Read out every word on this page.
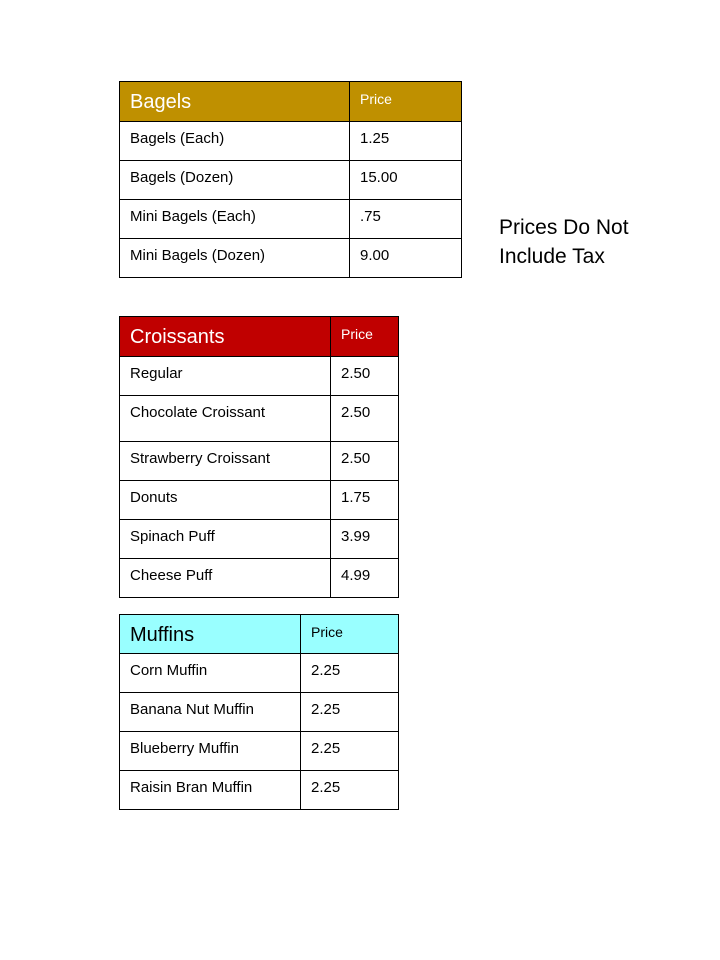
Bagels	Price
Bagels (Each)	1.25
Bagels (Dozen)	15.00
Mini Bagels (Each)	.75
Mini Bagels (Dozen)	9.00
Croissants	Price
Regular	2.50
Chocolate Croissant	2.50
Strawberry Croissant	2.50
Donuts	1.75
Spinach Puff	3.99
Cheese Puff	4.99
Muffins	Price
Corn Muffin	2.25
Banana Nut Muffin	2.25
Blueberry Muffin	2.25
Raisin Bran Muffin	2.25
Prices Do Not
Include Tax
